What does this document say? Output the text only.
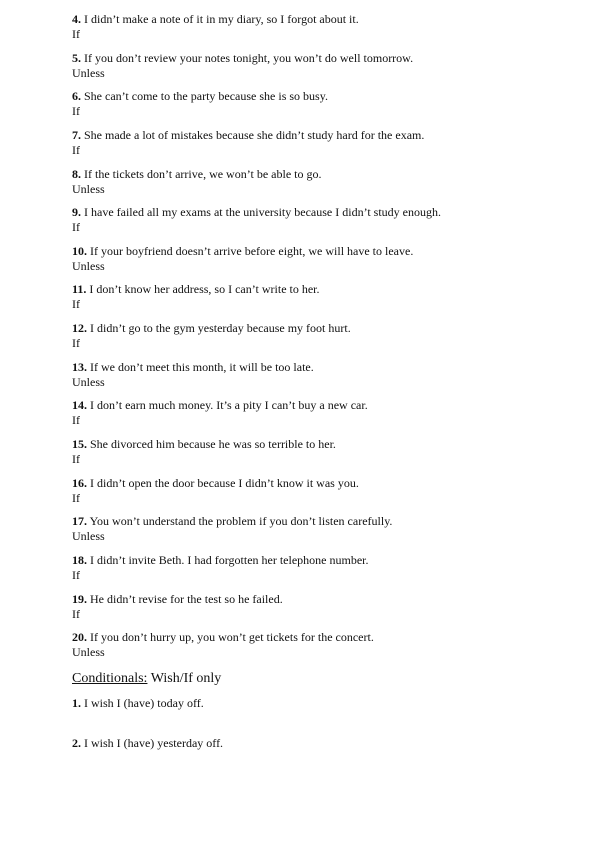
4. I didn’t make a note of it in my diary, so I forgot about it.
If
5. If you don’t review your notes tonight, you won’t do well tomorrow.
Unless
6. She can’t come to the party because she is so busy.
If
7. She made a lot of mistakes because she didn’t study hard for the exam.
If
8. If the tickets don’t arrive, we won’t be able to go.
Unless
9. I have failed all my exams at the university because I didn’t study enough.
If
10. If your boyfriend doesn’t arrive before eight, we will have to leave.
Unless
11. I don’t know her address, so I can’t write to her.
If
12. I didn’t go to the gym yesterday because my foot hurt.
If
13. If we don’t meet this month, it will be too late.
Unless
14. I don’t earn much money. It’s a pity I can’t buy a new car.
If
15. She divorced him because he was so terrible to her.
If
16. I didn’t open the door because I didn’t know it was you.
If
17. You won’t understand the problem if you don’t listen carefully.
Unless
18. I didn’t invite Beth. I had forgotten her telephone number.
If
19. He didn’t revise for the test so he failed.
If
20. If you don’t hurry up, you won’t get tickets for the concert.
Unless
Conditionals: Wish/If only
1. I wish I (have) today off.
2. I wish I (have) yesterday off.
